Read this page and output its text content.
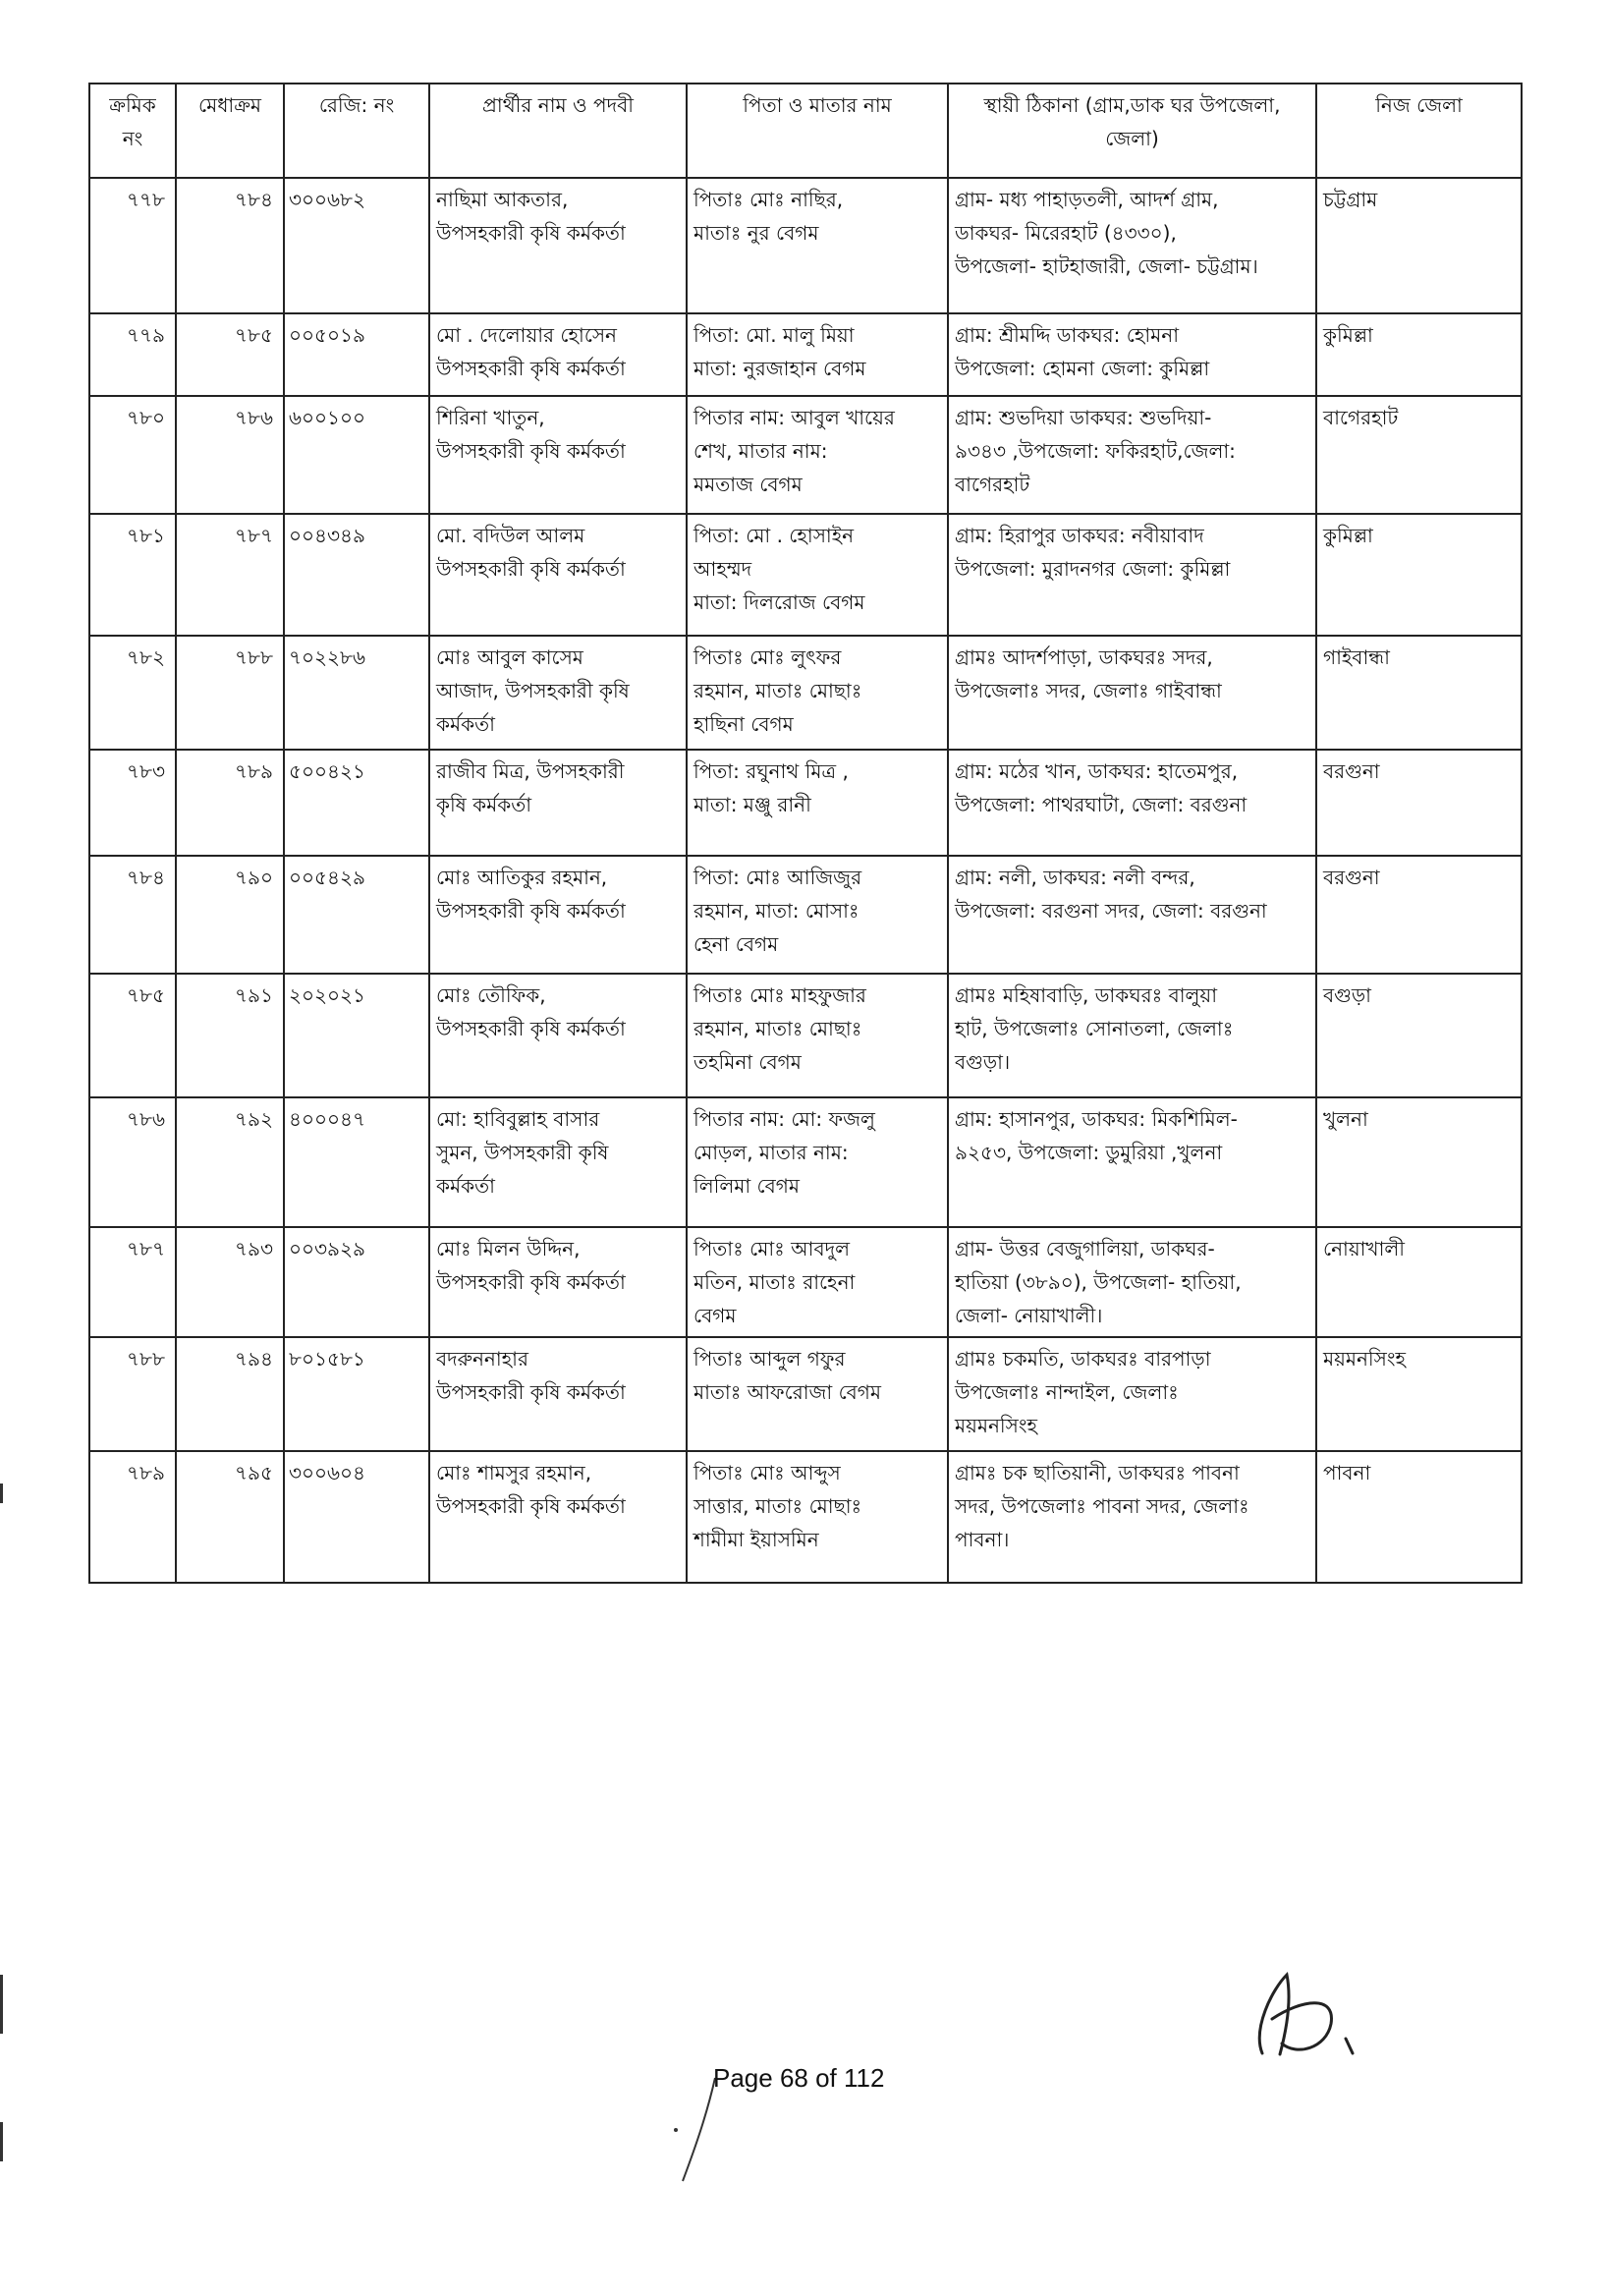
ক্রমিক নং	মেধাক্রম	রেজি: নং	প্রার্থীর নাম ও পদবী	পিতা ও মাতার নাম	স্থায়ী ঠিকানা (গ্রাম,ডাক ঘর উপজেলা, জেলা)	নিজ জেলা
৭৭৮	৭৮৪	৩০০৬৮২	নাছিমা আকতার,
উপসহকারী কৃষি কর্মকর্তা	পিতাঃ মোঃ নাছির,
মাতাঃ নুর বেগম	গ্রাম- মধ্য পাহাড়তলী, আদর্শ গ্রাম,
ডাকঘর- মিরেরহাট (৪৩৩০),
উপজেলা- হাটহাজারী, জেলা- চট্টগ্রাম।	চট্টগ্রাম
৭৭৯	৭৮৫	০০৫০১৯	মো . দেলোয়ার হোসেন
উপসহকারী কৃষি কর্মকর্তা	পিতা: মো. মালু মিয়া
মাতা: নুরজাহান বেগম	গ্রাম: শ্রীমদ্দি ডাকঘর: হোমনা
উপজেলা: হোমনা জেলা: কুমিল্লা	কুমিল্লা
৭৮০	৭৮৬	৬০০১০০	শিরিনা খাতুন,
উপসহকারী কৃষি কর্মকর্তা	পিতার নাম: আবুল খায়ের
শেখ, মাতার নাম:
মমতাজ বেগম	গ্রাম: শুভদিয়া ডাকঘর: শুভদিয়া-
৯৩৪৩ ,উপজেলা: ফকিরহাট,জেলা:
বাগেরহাট	বাগেরহাট
৭৮১	৭৮৭	০০৪৩৪৯	মো. বদিউল আলম
উপসহকারী কৃষি কর্মকর্তা	পিতা: মো . হোসাইন
আহম্মদ
মাতা: দিলরোজ বেগম	গ্রাম: হিরাপুর ডাকঘর: নবীয়াবাদ
উপজেলা: মুরাদনগর জেলা: কুমিল্লা	কুমিল্লা
৭৮২	৭৮৮	৭০২২৮৬	মোঃ আবুল কাসেম
আজাদ, উপসহকারী কৃষি
কর্মকর্তা	পিতাঃ মোঃ লুৎফর
রহমান, মাতাঃ মোছাঃ
হাছিনা বেগম	গ্রামঃ আদর্শপাড়া, ডাকঘরঃ সদর,
উপজেলাঃ সদর, জেলাঃ গাইবান্ধা	গাইবান্ধা
৭৮৩	৭৮৯	৫০০৪২১	রাজীব মিত্র, উপসহকারী
কৃষি কর্মকর্তা	পিতা: রঘুনাথ মিত্র ,
মাতা: মঞ্জু রানী	গ্রাম: মঠের খান, ডাকঘর: হাতেমপুর,
উপজেলা: পাথরঘাটা, জেলা: বরগুনা	বরগুনা
৭৮৪	৭৯০	০০৫৪২৯	মোঃ আতিকুর রহমান,
উপসহকারী কৃষি কর্মকর্তা	পিতা: মোঃ আজিজুর
রহমান, মাতা: মোসাঃ
হেনা বেগম	গ্রাম: নলী, ডাকঘর: নলী বন্দর,
উপজেলা: বরগুনা সদর, জেলা: বরগুনা	বরগুনা
৭৮৫	৭৯১	২০২০২১	মোঃ তৌফিক,
উপসহকারী কৃষি কর্মকর্তা	পিতাঃ মোঃ মাহফুজার
রহমান, মাতাঃ মোছাঃ
তহমিনা বেগম	গ্রামঃ মহিষাবাড়ি, ডাকঘরঃ বালুয়া
হাট, উপজেলাঃ সোনাতলা, জেলাঃ
বগুড়া।	বগুড়া
৭৮৬	৭৯২	৪০০০৪৭	মো: হাবিবুল্লাহ বাসার
সুমন, উপসহকারী কৃষি
কর্মকর্তা	পিতার নাম: মো: ফজলু
মোড়ল, মাতার নাম:
লিলিমা বেগম	গ্রাম: হাসানপুর, ডাকঘর: মিকশিমিল-
৯২৫৩, উপজেলা: ডুমুরিয়া ,খুলনা	খুলনা
৭৮৭	৭৯৩	০০৩৯২৯	মোঃ মিলন উদ্দিন,
উপসহকারী কৃষি কর্মকর্তা	পিতাঃ মোঃ আবদুল
মতিন, মাতাঃ রাহেনা
বেগম	গ্রাম- উত্তর বেজুগালিয়া, ডাকঘর-
হাতিয়া (৩৮৯০), উপজেলা- হাতিয়া,
জেলা- নোয়াখালী।	নোয়াখালী
৭৮৮	৭৯৪	৮০১৫৮১	বদরুননাহার
উপসহকারী কৃষি কর্মকর্তা	পিতাঃ আব্দুল গফুর
মাতাঃ আফরোজা বেগম	গ্রামঃ চকমতি, ডাকঘরঃ বারপাড়া
উপজেলাঃ নান্দাইল, জেলাঃ
ময়মনসিংহ	ময়মনসিংহ
৭৮৯	৭৯৫	৩০০৬০৪	মোঃ শামসুর রহমান,
উপসহকারী কৃষি কর্মকর্তা	পিতাঃ মোঃ আব্দুস
সাত্তার, মাতাঃ মোছাঃ
শামীমা ইয়াসমিন	গ্রামঃ চক ছাতিয়ানী, ডাকঘরঃ পাবনা
সদর, উপজেলাঃ পাবনা সদর, জেলাঃ
পাবনা।	পাবনা
Page 68 of 112
